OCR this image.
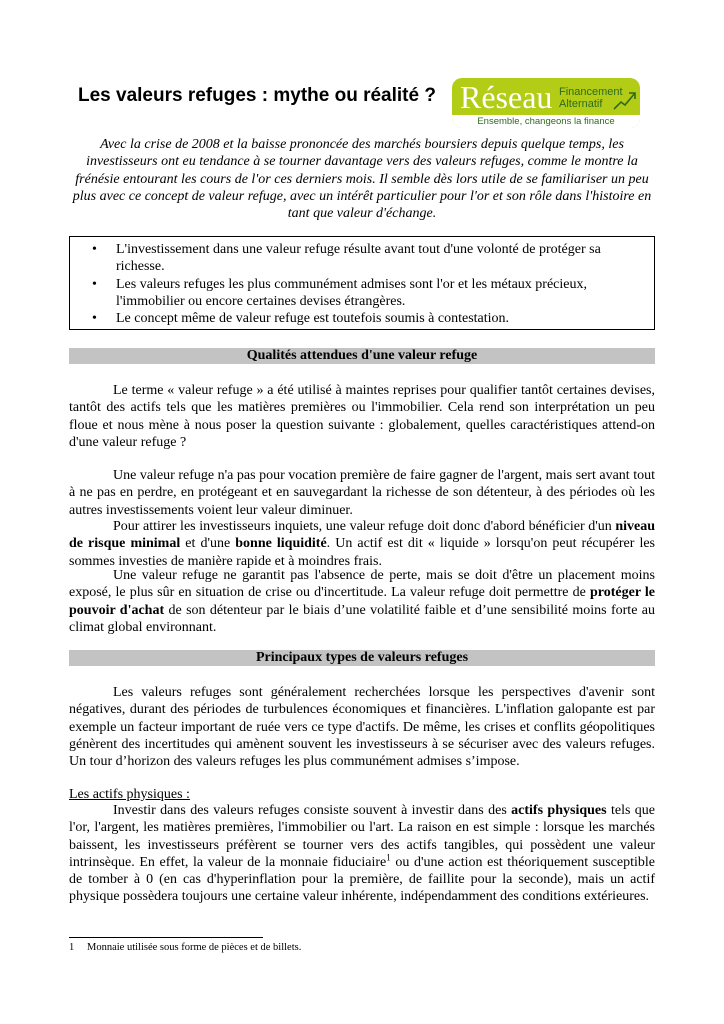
Les valeurs refuges : mythe ou réalité ? Réseau Financement
Alternatif
Ensemble, changeons la finance
Avec la crise de 2008 et la baisse prononcée des marchés boursiers depuis quelque temps, les investisseurs ont eu tendance à se tourner davantage vers des valeurs refuges, comme le montre la frénésie entourant les cours de l'or ces derniers mois. Il semble dès lors utile de se familiariser un peu plus avec ce concept de valeur refuge, avec un intérêt particulier pour l'or et son rôle dans l'histoire en tant que valeur d'échange.
• L'investissement dans une valeur refuge résulte avant tout d'une volonté de protéger sa richesse.
• Les valeurs refuges les plus communément admises sont l'or et les métaux précieux, l'immobilier ou encore certaines devises étrangères.
• Le concept même de valeur refuge est toutefois soumis à contestation.
Qualités attendues d'une valeur refuge

Le terme « valeur refuge » a été utilisé à maintes reprises pour qualifier tantôt certaines devises, tantôt des actifs tels que les matières premières ou l'immobilier. Cela rend son interprétation un peu floue et nous mène à nous poser la question suivante : globalement, quelles caractéristiques attend-on d'une valeur refuge ?

Une valeur refuge n'a pas pour vocation première de faire gagner de l'argent, mais sert avant tout à ne pas en perdre, en protégeant et en sauvegardant la richesse de son détenteur, à des périodes où les autres investissements voient leur valeur diminuer.

Pour attirer les investisseurs inquiets, une valeur refuge doit donc d'abord bénéficier d'un niveau de risque minimal et d'une bonne liquidité. Un actif est dit « liquide » lorsqu'on peut récupérer les sommes investies de manière rapide et à moindres frais.

Une valeur refuge ne garantit pas l'absence de perte, mais se doit d'être un placement moins exposé, le plus sûr en situation de crise ou d'incertitude. La valeur refuge doit permettre de protéger le pouvoir d'achat de son détenteur par le biais d’une volatilité faible et d’une sensibilité moins forte au climat global environnant.

Principaux types de valeurs refuges

Les valeurs refuges sont généralement recherchées lorsque les perspectives d'avenir sont négatives, durant des périodes de turbulences économiques et financières. L'inflation galopante est par exemple un facteur important de ruée vers ce type d'actifs. De même, les crises et conflits géopolitiques génèrent des incertitudes qui amènent souvent les investisseurs à se sécuriser avec des valeurs refuges. Un tour d’horizon des valeurs refuges les plus communément admises s’impose.

Les actifs physiques :

Investir dans des valeurs refuges consiste souvent à investir dans des actifs physiques tels que l'or, l'argent, les matières premières, l'immobilier ou l'art. La raison en est simple : lorsque les marchés baissent, les investisseurs préfèrent se tourner vers des actifs tangibles, qui possèdent une valeur intrinsèque. En effet, la valeur de la monnaie fiduciaire$^1$ ou d'une action est théoriquement susceptible de tomber à 0 (en cas d'hyperinflation pour la première, de faillite pour la seconde), mais un actif physique possèdera toujours une certaine valeur inhérente, indépendamment des conditions extérieures.

1 Monnaie utilisée sous forme de pièces et de billets.
